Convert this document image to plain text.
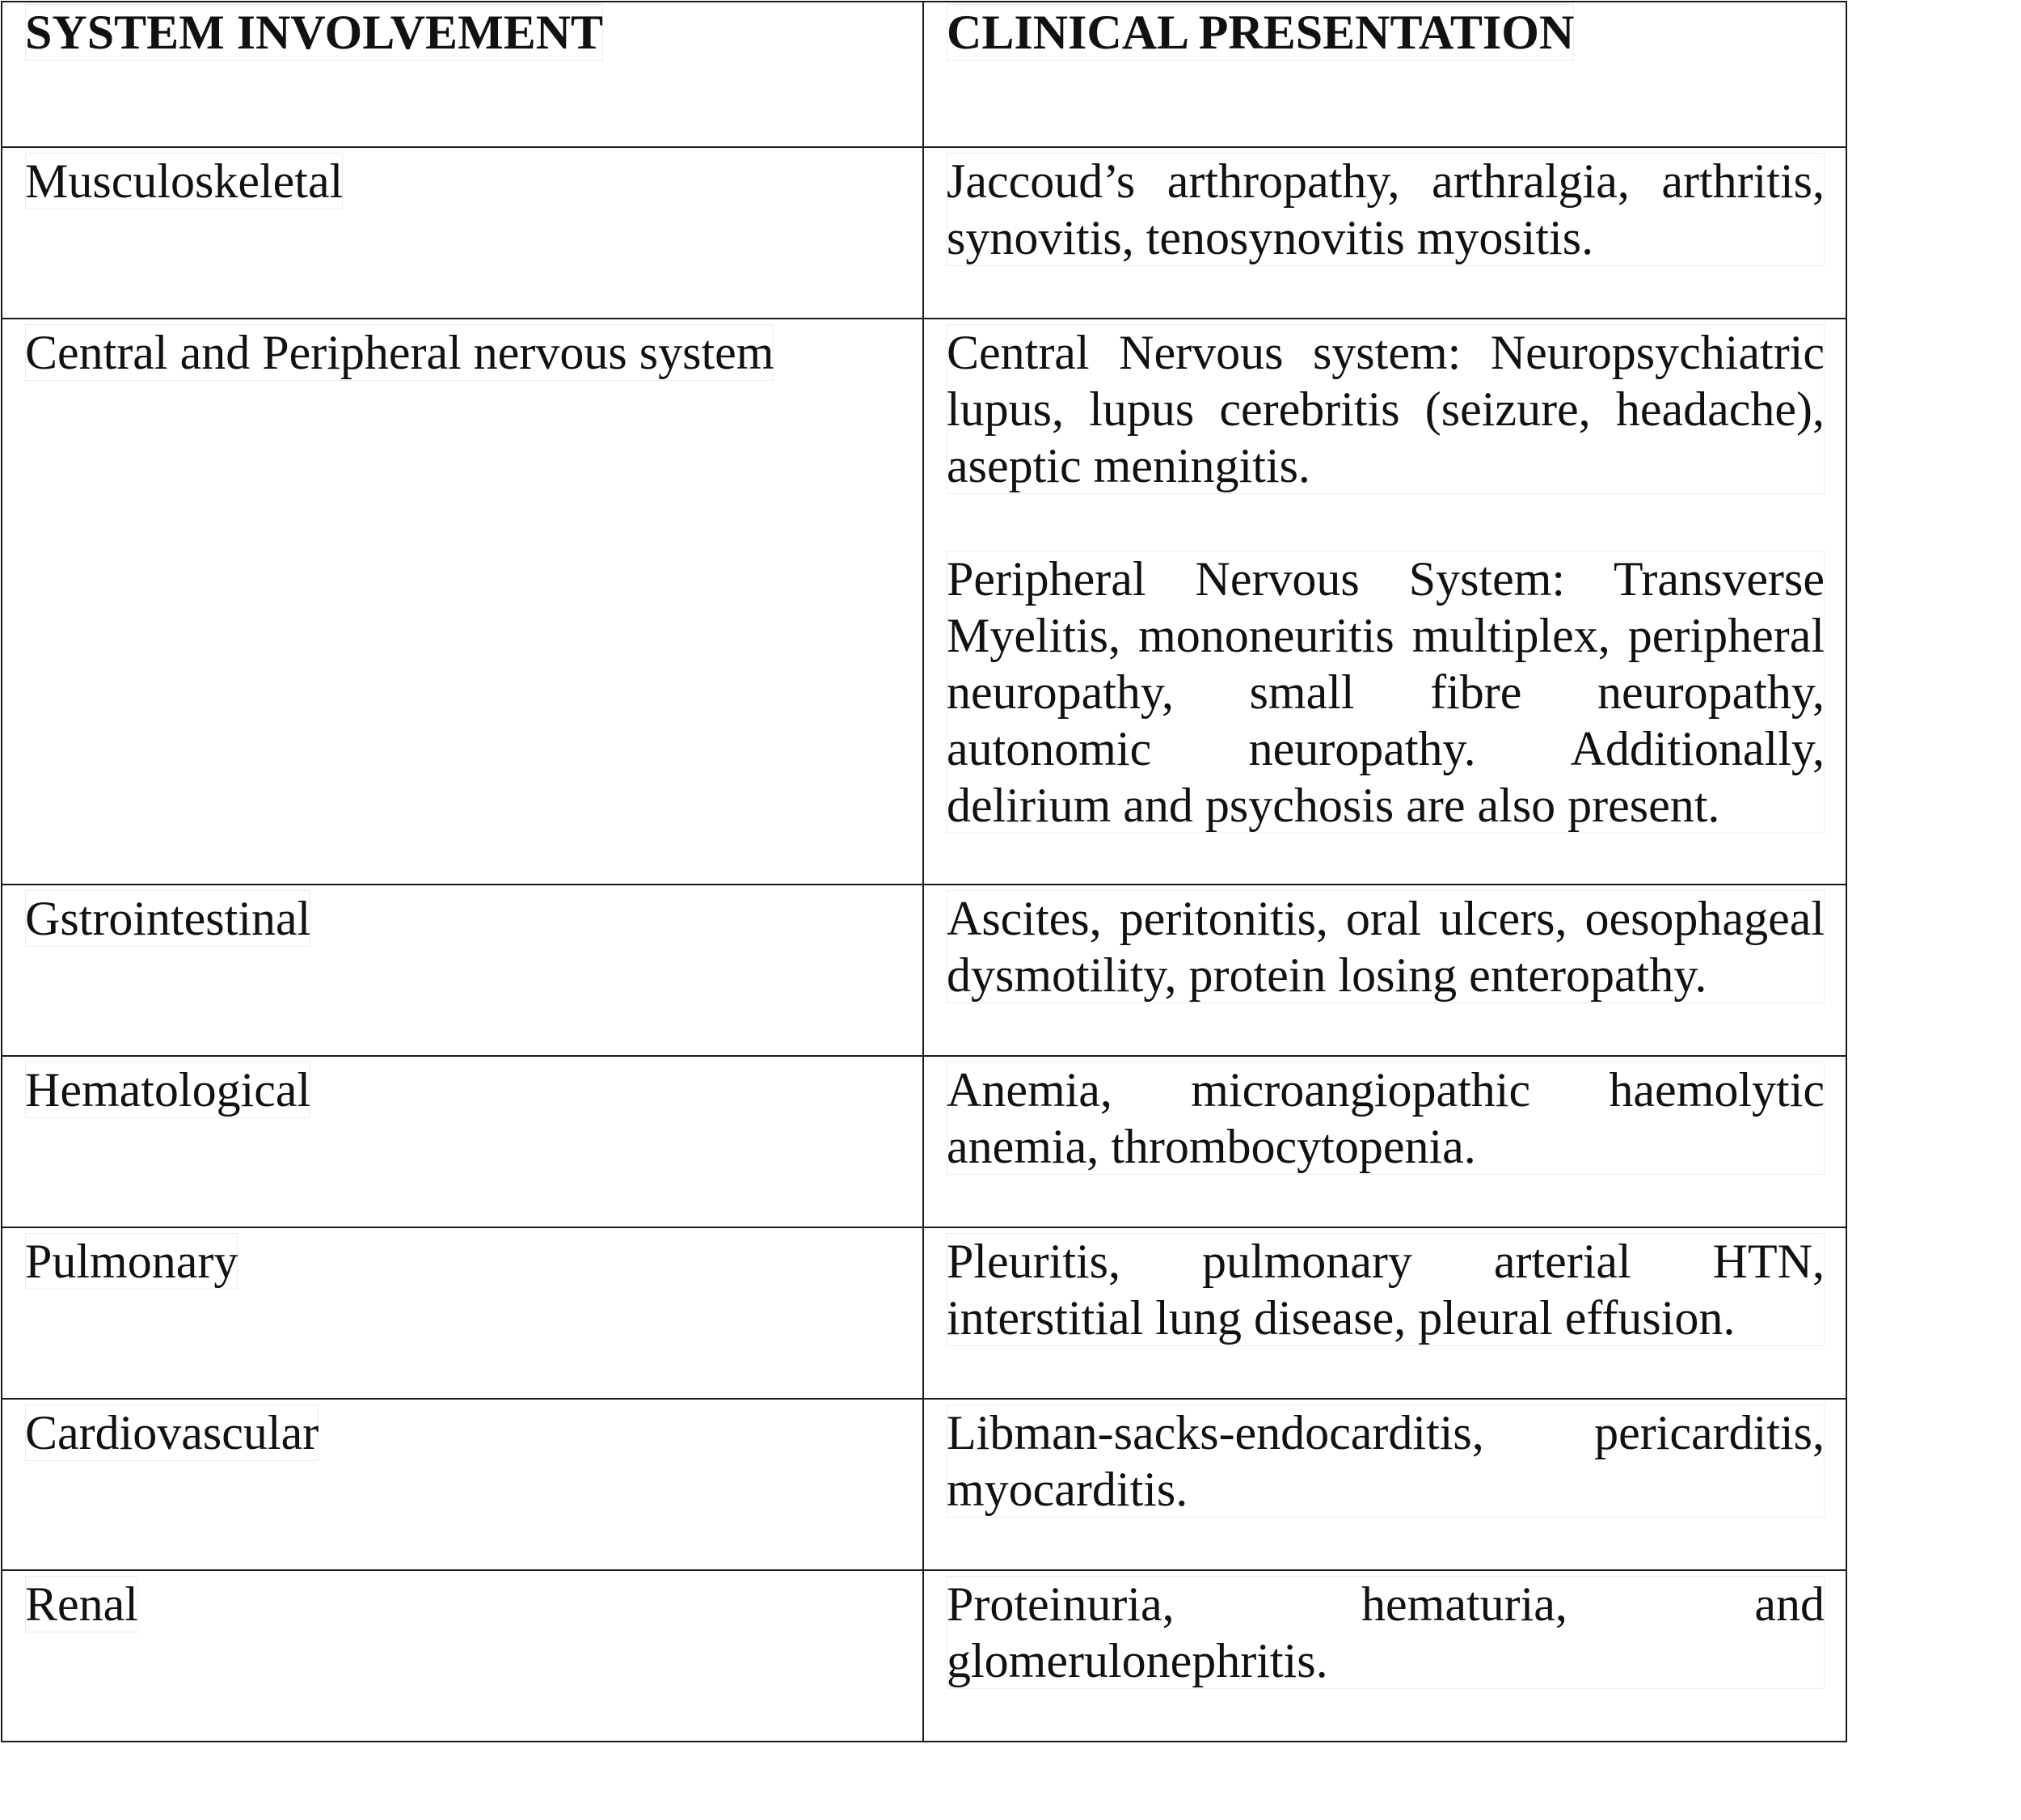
SYSTEM INVOLVEMENT	CLINICAL PRESENTATION

Musculoskeletal	Jaccoud’s arthropathy, arthralgia, arthritis, synovitis, tenosynovitis myositis.

Central and Peripheral nervous system	Central Nervous system: Neuropsychiatric lupus, lupus cerebritis (seizure, headache), aseptic meningitis.
Peripheral Nervous System: Transverse Myelitis, mononeuritis multiplex, peripheral neuropathy, small fibre neuropathy, autonomic neuropathy. Additionally, delirium and psychosis are also present.

Gstrointestinal	Ascites, peritonitis, oral ulcers, oesophageal dysmotility, protein losing enteropathy.

Hematological	Anemia, microangiopathic haemolytic anemia, thrombocytopenia.

Pulmonary	Pleuritis, pulmonary arterial HTN, interstitial lung disease, pleural effusion.

Cardiovascular	Libman-sacks-endocarditis, pericarditis, myocarditis.

Renal	Proteinuria, hematuria, and glomerulonephritis.
